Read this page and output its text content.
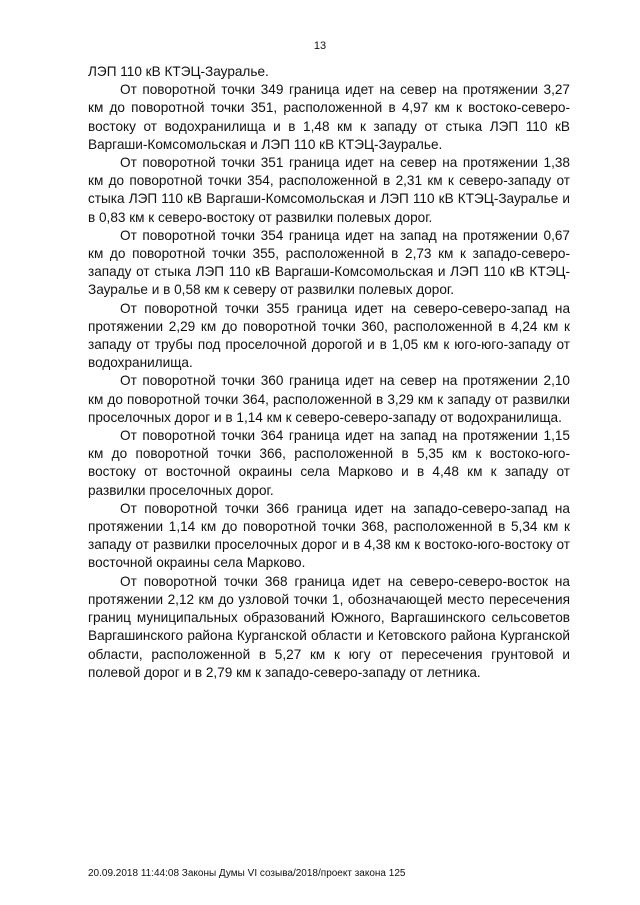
13

ЛЭП 110 кВ КТЭЦ-Зауралье.

От поворотной точки 349 граница идет на север на протяжении 3,27 км до поворотной точки 351, расположенной в 4,97 км к востоко-северо-востоку от водохранилища и в 1,48 км к западу от стыка ЛЭП 110 кВ Варгаши-Комсомольская и ЛЭП 110 кВ КТЭЦ-Зауралье.

От поворотной точки 351 граница идет на север на протяжении 1,38 км до поворотной точки 354, расположенной в 2,31 км к северо-западу от стыка ЛЭП 110 кВ Варгаши-Комсомольская и ЛЭП 110 кВ КТЭЦ-Зауралье и в 0,83 км к северо-востоку от развилки полевых дорог.

От поворотной точки 354 граница идет на запад на протяжении 0,67 км до поворотной точки 355, расположенной в 2,73 км к западо-северо-западу от стыка ЛЭП 110 кВ Варгаши-Комсомольская и ЛЭП 110 кВ КТЭЦ-Зауралье и в 0,58 км к северу от развилки полевых дорог.

От поворотной точки 355 граница идет на северо-северо-запад на протяжении 2,29 км до поворотной точки 360, расположенной в 4,24 км к западу от трубы под проселочной дорогой и в 1,05 км к юго-юго-западу от водохранилища.

От поворотной точки 360 граница идет на север на протяжении 2,10 км до поворотной точки 364, расположенной в 3,29 км к западу от развилки проселочных дорог и в 1,14 км к северо-северо-западу от водохранилища.

От поворотной точки 364 граница идет на запад на протяжении 1,15 км до поворотной точки 366, расположенной в 5,35 км к востоко-юго-востоку от восточной окраины села Марково и в 4,48 км к западу от развилки проселочных дорог.

От поворотной точки 366 граница идет на западо-северо-запад на протяжении 1,14 км до поворотной точки 368, расположенной в 5,34 км к западу от развилки проселочных дорог и в 4,38 км к востоко-юго-востоку от восточной окраины села Марково.

От поворотной точки 368 граница идет на северо-северо-восток на протяжении 2,12 км до узловой точки 1, обозначающей место пересечения границ муниципальных образований Южного, Варгашинского сельсоветов Варгашинского района Курганской области и Кетовского района Курганской области, расположенной в 5,27 км к югу от пересечения грунтовой и полевой дорог и в 2,79 км к западо-северо-западу от летника.

20.09.2018 11:44:08 Законы Думы VI созыва/2018/проект закона 125
